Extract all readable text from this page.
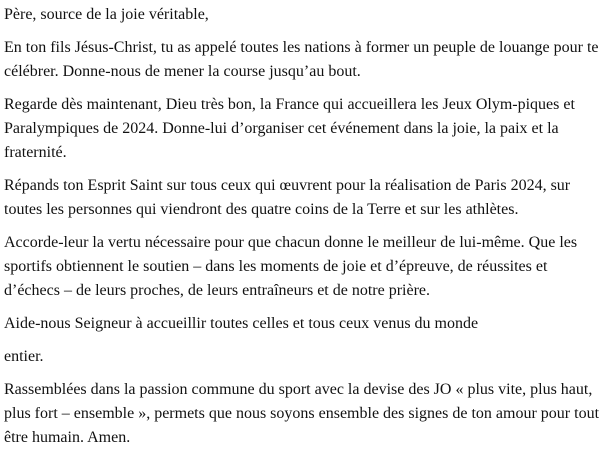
Père, source de la joie véritable,

En ton fils Jésus-Christ, tu as appelé toutes les nations à former un peuple de louange pour te célébrer. Donne-nous de mener la course jusqu’au bout.

Regarde dès maintenant, Dieu très bon, la France qui accueillera les Jeux Olym-piques et Paralympiques de 2024. Donne-lui d’organiser cet événement dans la joie, la paix et la fraternité.

Répands ton Esprit Saint sur tous ceux qui œuvrent pour la réalisation de Paris 2024, sur toutes les personnes qui viendront des quatre coins de la Terre et sur les athlètes.

Accorde-leur la vertu nécessaire pour que chacun donne le meilleur de lui-même. Que les sportifs obtiennent le soutien – dans les moments de joie et d’épreuve, de réussites et d’échecs – de leurs proches, de leurs entraîneurs et de notre prière.

Aide-nous Seigneur à accueillir toutes celles et tous ceux venus du monde

entier.

Rassemblées dans la passion commune du sport avec la devise des JO « plus vite, plus haut, plus fort – ensemble », permets que nous soyons ensemble des signes de ton amour pour tout être humain. Amen.
